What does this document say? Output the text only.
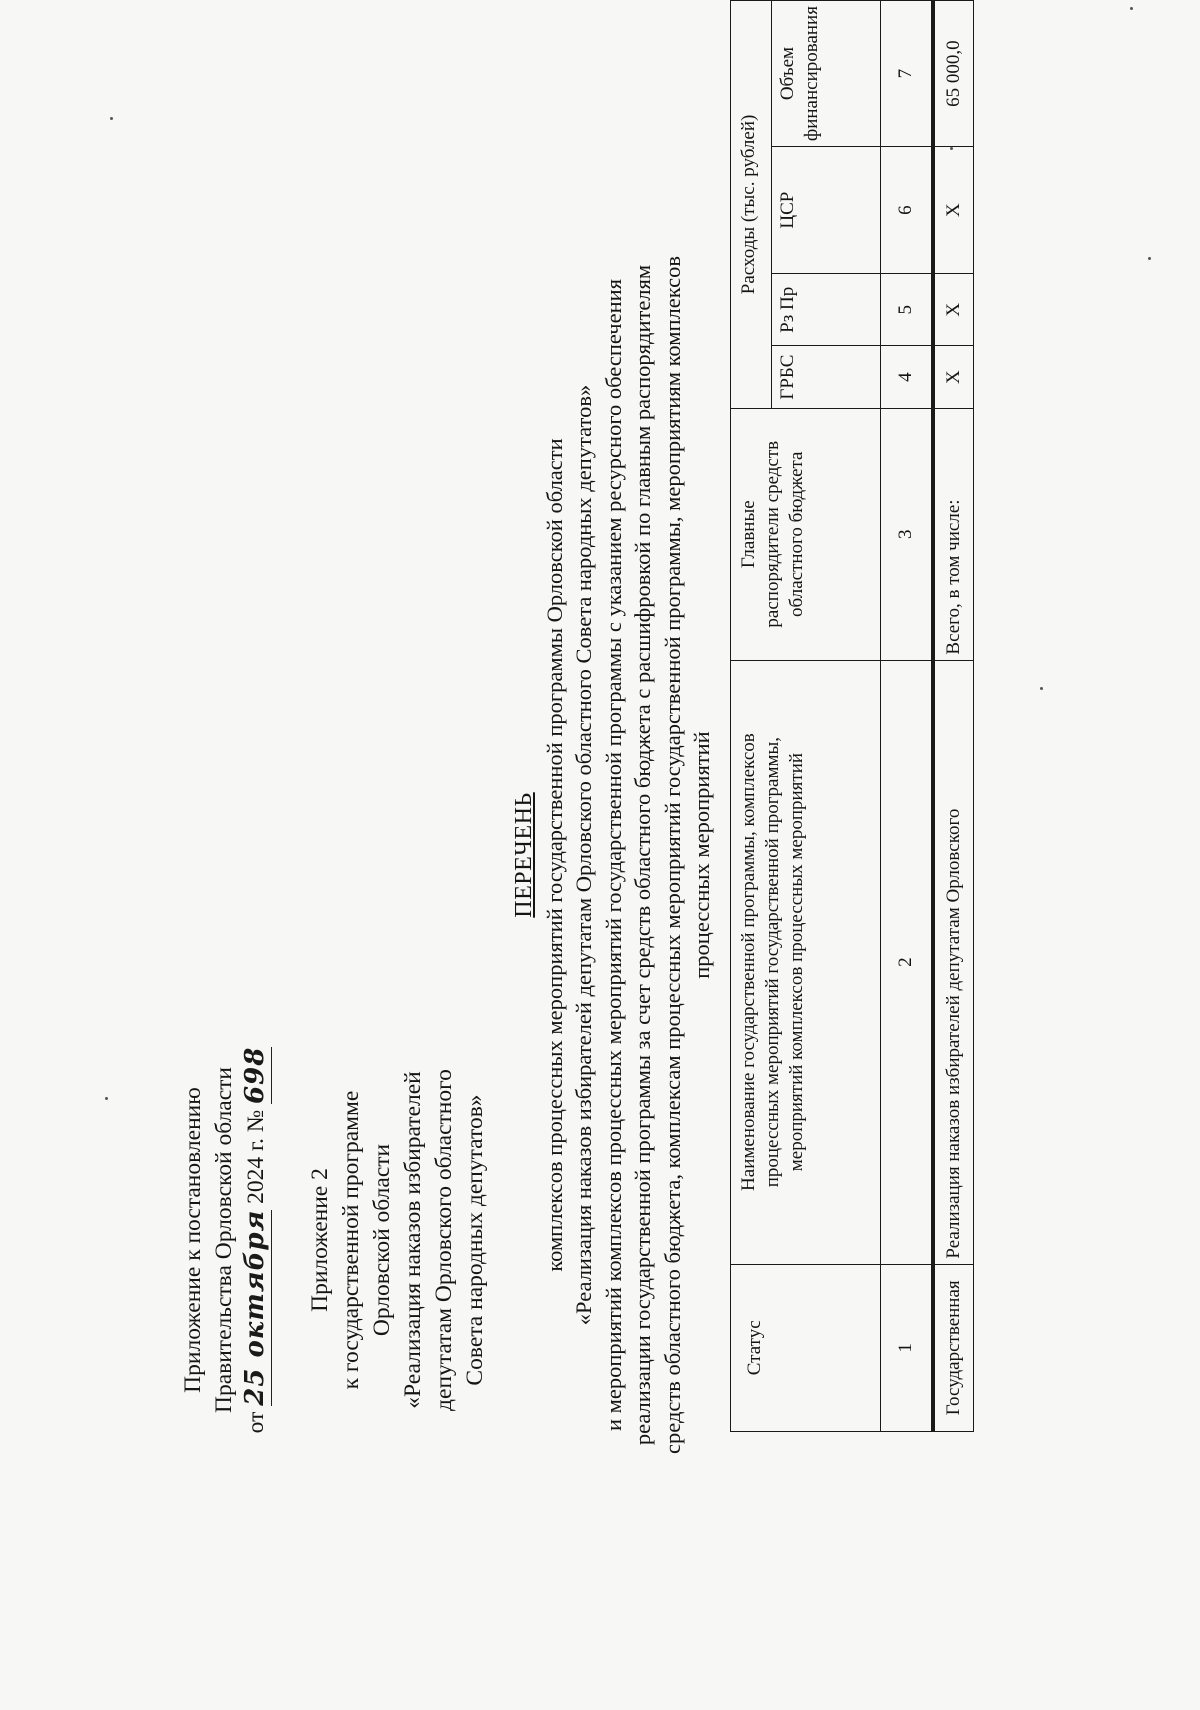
Приложение к постановлению Правительства Орловской области
от 25 октября 2024 г. № 698

Приложение 2 к государственной программе Орловской области «Реализация наказов избирателей депутатам Орловского областного Совета народных депутатов»

ПЕРЕЧЕНЬ комплексов процессных мероприятий государственной программы Орловской области «Реализация наказов избирателей депутатам Орловского областного Совета народных депутатов» и мероприятий комплексов процессных мероприятий государственной программы с указанием ресурсного обеспечения реализации государственной программы за счет средств областного бюджета с расшифровкой по главным распорядителям средств областного бюджета, комплексам процессных мероприятий государственной программы, мероприятиям комплексов процессных мероприятий

Статус	Наименование государственной программы, комплексов процессных мероприятий государственной программы, мероприятий комплексов процессных мероприятий	Главные распорядители средств областного бюджета	Расходы (тыс. рублей)			
			ГРБС	Рз Пр	ЦСР	Объем финансирования
1	2	3	4	5	6	7
Государственная	Реализация наказов избирателей депутатам Орловского	Всего, в том числе:	Х	Х	Х	65 000,0
